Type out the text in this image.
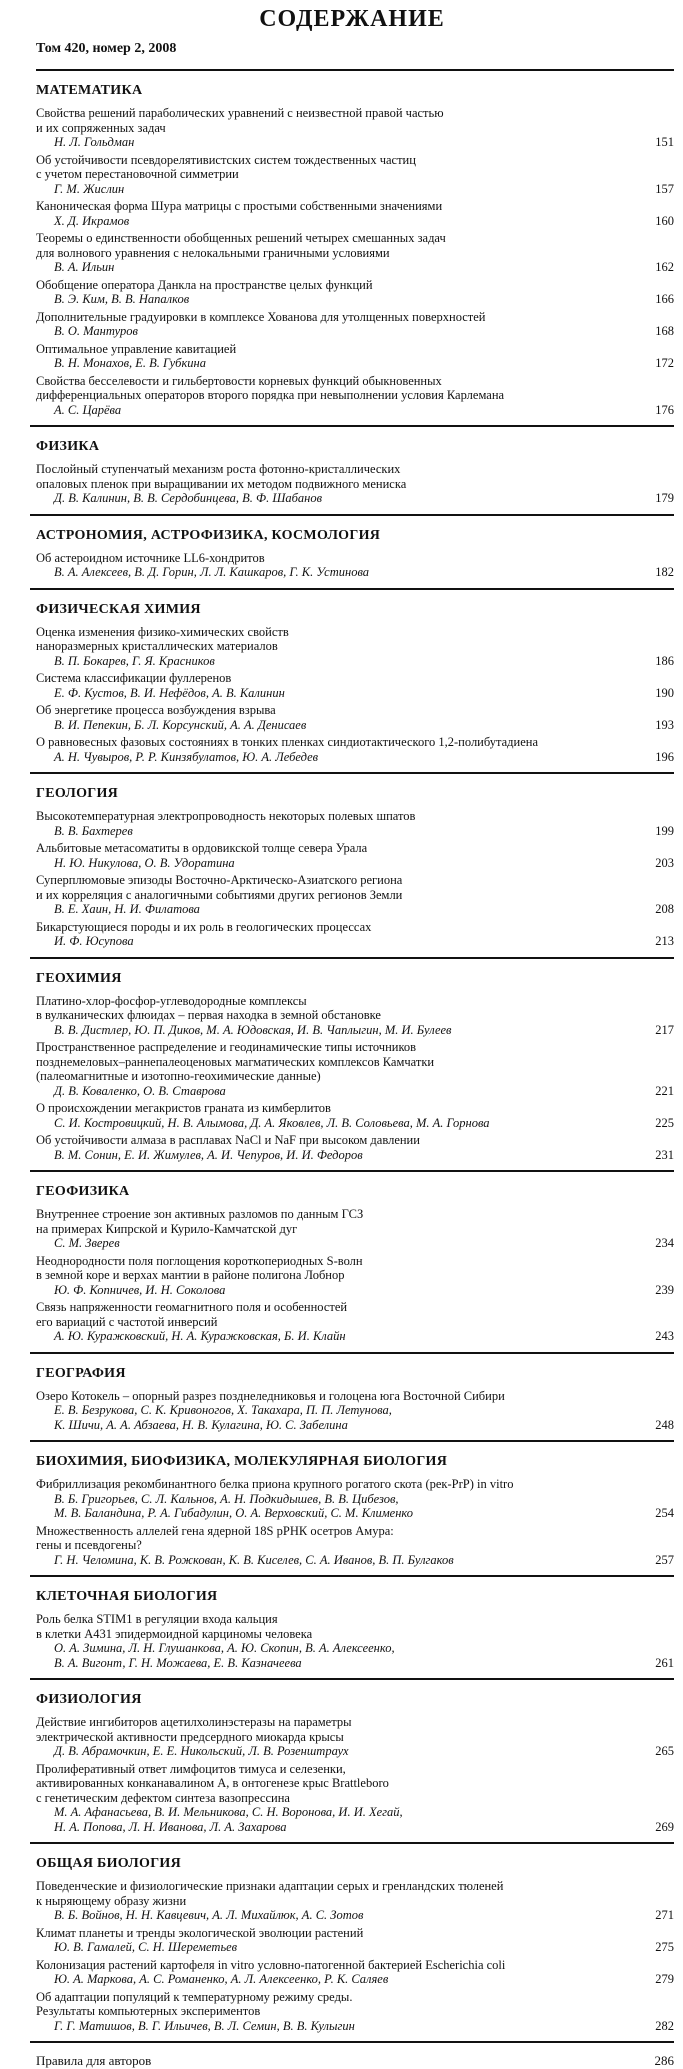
СОДЕРЖАНИЕ
Том 420, номер 2, 2008
МАТЕМАТИКА
Свойства решений параболических уравнений с неизвестной правой частью
и их сопряженных задач
Н. Л. Гольдман	151
Об устойчивости псевдорелятивистских систем тождественных частиц
с учетом перестановочной симметрии
Г. М. Жислин	157
Каноническая форма Шура матрицы с простыми собственными значениями
Х. Д. Икрамов	160
Теоремы о единственности обобщенных решений четырех смешанных задач
для волнового уравнения с нелокальными граничными условиями
В. А. Ильин	162
Обобщение оператора Данкла на пространстве целых функций
В. Э. Ким, В. В. Напалков	166
Дополнительные градуировки в комплексе Хованова для утолщенных поверхностей
В. О. Мантуров	168
Оптимальное управление кавитацией
В. Н. Монахов, Е. В. Губкина	172
Свойства бесселевости и гильбертовости корневых функций обыкновенных
дифференциальных операторов второго порядка при невыполнении условия Карлемана
А. С. Царёва	176
ФИЗИКА
Послойный ступенчатый механизм роста фотонно-кристаллических
опаловых пленок при выращивании их методом подвижного мениска
Д. В. Калинин, В. В. Сердобинцева, В. Ф. Шабанов	179
АСТРОНОМИЯ, АСТРОФИЗИКА, КОСМОЛОГИЯ
Об астероидном источнике LL6-хондритов
В. А. Алексеев, В. Д. Горин, Л. Л. Кашкаров, Г. К. Устинова	182
ФИЗИЧЕСКАЯ ХИМИЯ
Оценка изменения физико-химических свойств
наноразмерных кристаллических материалов
В. П. Бокарев, Г. Я. Красников	186
Система классификации фуллеренов
Е. Ф. Кустов, В. И. Нефёдов, А. В. Калинин	190
Об энергетике процесса возбуждения взрыва
В. И. Пепекин, Б. Л. Корсунский, А. А. Денисаев	193
О равновесных фазовых состояниях в тонких пленках синдиотактического 1,2-полибутадиена
А. Н. Чувыров, Р. Р. Кинзябулатов, Ю. А. Лебедев	196
ГЕОЛОГИЯ
Высокотемпературная электропроводность некоторых полевых шпатов
В. В. Бахтерев	199
Альбитовые метасоматиты в ордовикской толще севера Урала
Н. Ю. Никулова, О. В. Удоратина	203
Суперплюмовые эпизоды Восточно-Арктическо-Азиатского региона
и их корреляция с аналогичными событиями других регионов Земли
В. Е. Хаин, Н. И. Филатова	208
Бикарстующиеся породы и их роль в геологических процессах
И. Ф. Юсупова	213
ГЕОХИМИЯ
Платино-хлор-фосфор-углеводородные комплексы
в вулканических флюидах – первая находка в земной обстановке
В. В. Дистлер, Ю. П. Диков, М. А. Юдовская, И. В. Чаплыгин, М. И. Булеев	217
Пространственное распределение и геодинамические типы источников
позднемеловых–раннепалеоценовых магматических комплексов Камчатки
(палеомагнитные и изотопно-геохимические данные)
Д. В. Коваленко, О. В. Ставрова	221
О происхождении мегакристов граната из кимберлитов
С. И. Костровицкий, Н. В. Алымова, Д. А. Яковлев, Л. В. Соловьева, М. А. Горнова	225
Об устойчивости алмаза в расплавах NaCl и NaF при высоком давлении
В. М. Сонин, Е. И. Жимулев, А. И. Чепуров, И. И. Федоров	231
ГЕОФИЗИКА
Внутреннее строение зон активных разломов по данным ГСЗ
на примерах Кипрской и Курило-Камчатской дуг
С. М. Зверев	234
Неоднородности поля поглощения короткопериодных S-волн
в земной коре и верхах мантии в районе полигона Лобнор
Ю. Ф. Копничев, И. Н. Соколова	239
Связь напряженности геомагнитного поля и особенностей
его вариаций с частотой инверсий
А. Ю. Куражковский, Н. А. Куражковская, Б. И. Клайн	243
ГЕОГРАФИЯ
Озеро Котокель – опорный разрез позднеледниковья и голоцена юга Восточной Сибири
Е. В. Безрукова, С. К. Кривоногов, Х. Такахара, П. П. Летунова,
К. Шичи, А. А. Абзаева, Н. В. Кулагина, Ю. С. Забелина	248
БИОХИМИЯ, БИОФИЗИКА, МОЛЕКУЛЯРНАЯ БИОЛОГИЯ
Фибриллизация рекомбинантного белка приона крупного рогатого скота (рек-PrP) in vitro
В. Б. Григорьев, С. Л. Кальнов, А. Н. Подкидышев, В. В. Цибезов,
М. В. Баландина, Р. А. Гибадулин, О. А. Верховский, С. М. Клименко	254
Множественность аллелей гена ядерной 18S рРНК осетров Амура:
гены и псевдогены?
Г. Н. Челомина, К. В. Рожкован, К. В. Киселев, С. А. Иванов, В. П. Булгаков	257
КЛЕТОЧНАЯ БИОЛОГИЯ
Роль белка STIM1 в регуляции входа кальция
в клетки А431 эпидермоидной карциномы человека
О. А. Зимина, Л. Н. Глушанкова, А. Ю. Скопин, В. А. Алексеенко,
В. А. Вигонт, Г. Н. Можаева, Е. В. Казначеева	261
ФИЗИОЛОГИЯ
Действие ингибиторов ацетилхолинэстеразы на параметры
электрической активности предсердного миокарда крысы
Д. В. Абрамочкин, Е. Е. Никольский, Л. В. Розенштраух	265
Пролиферативный ответ лимфоцитов тимуса и селезенки,
активированных конканавалином А, в онтогенезе крыс Brattleboro
с генетическим дефектом синтеза вазопрессина
М. А. Афанасьева, В. И. Мельникова, С. Н. Воронова, И. И. Хегай,
Н. А. Попова, Л. Н. Иванова, Л. А. Захарова	269
ОБЩАЯ БИОЛОГИЯ
Поведенческие и физиологические признаки адаптации серых и гренландских тюленей
к ныряющему образу жизни
В. Б. Войнов, Н. Н. Кавцевич, А. Л. Михайлюк, А. С. Зотов	271
Климат планеты и тренды экологической эволюции растений
Ю. В. Гамалей, С. Н. Шереметьев	275
Колонизация растений картофеля in vitro условно-патогенной бактерией Escherichia coli
Ю. А. Маркова, А. С. Романенко, А. Л. Алексеенко, Р. К. Саляев	279
Об адаптации популяций к температурному режиму среды.
Результаты компьютерных экспериментов
Г. Г. Матишов, В. Г. Ильичев, В. Л. Семин, В. В. Кулыгин	282
Правила для авторов	286
